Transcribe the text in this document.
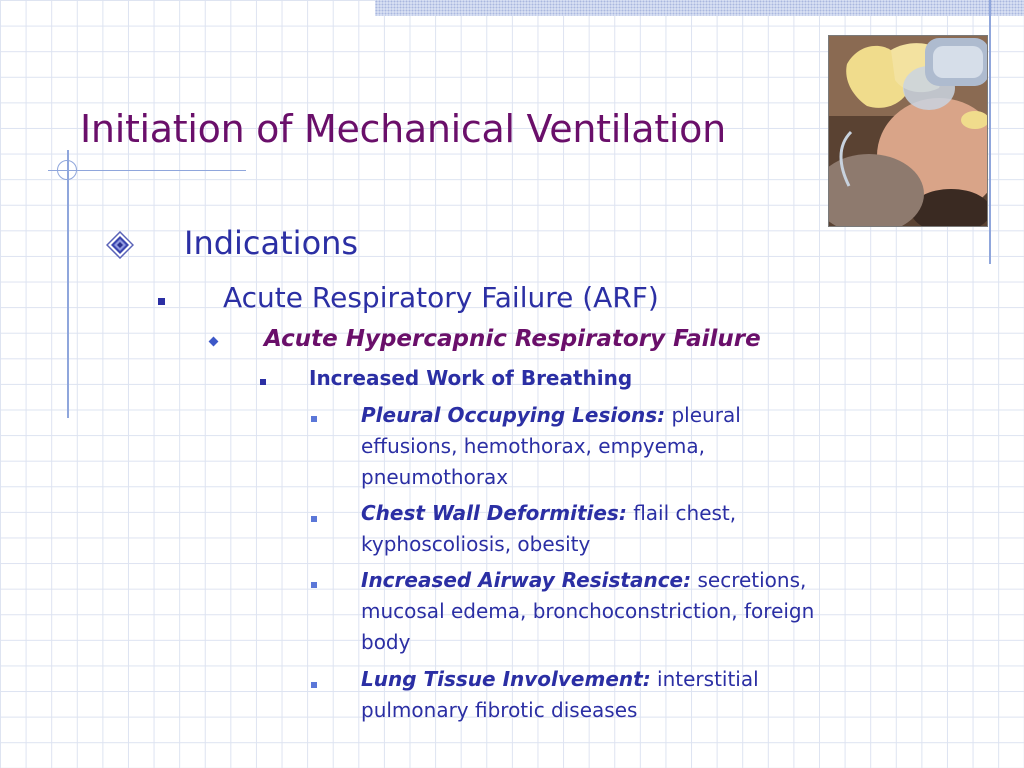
Initiation of Mechanical Ventilation

Indications

Acute Respiratory Failure (ARF)

Acute Hypercapnic Respiratory Failure

Increased Work of Breathing

Pleural Occupying Lesions: pleural effusions, hemothorax, empyema, pneumothorax

Chest Wall Deformities: flail chest, kyphoscoliosis, obesity

Increased Airway Resistance: secretions, mucosal edema, bronchoconstriction, foreign body

Lung Tissue Involvement: interstitial pulmonary fibrotic diseases
